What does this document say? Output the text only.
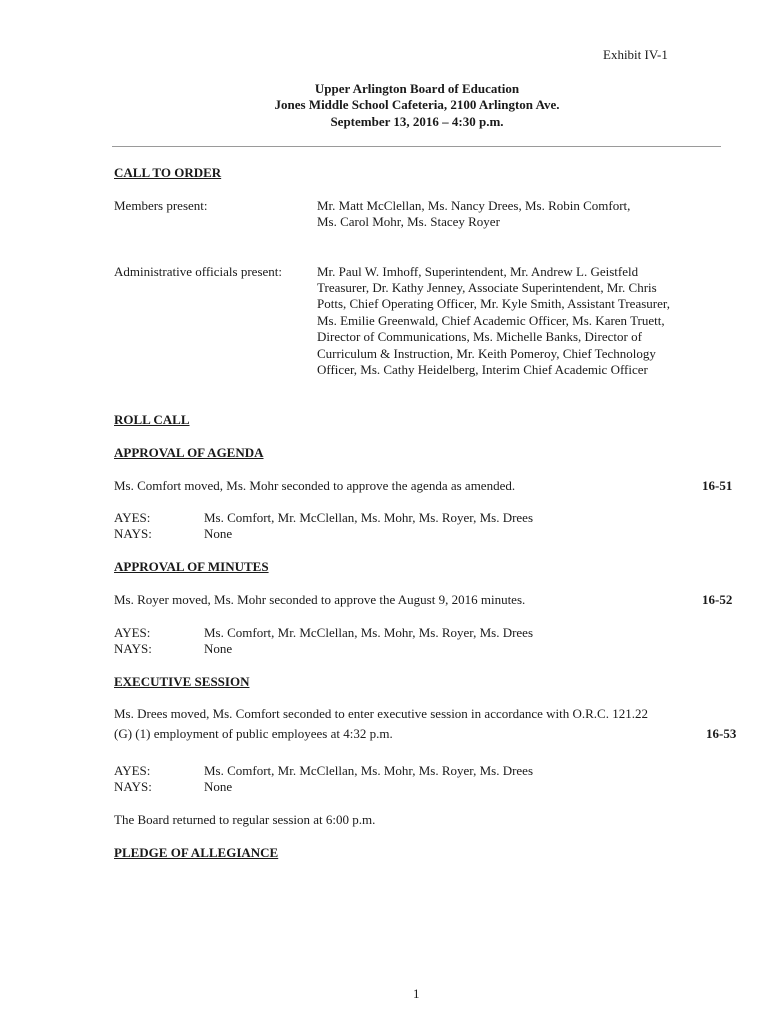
Exhibit IV-1
Upper Arlington Board of Education
Jones Middle School Cafeteria, 2100 Arlington Ave.
September 13, 2016 – 4:30 p.m.
CALL TO ORDER
Members present:	Mr. Matt McClellan, Ms. Nancy Drees, Ms. Robin Comfort,
Ms. Carol Mohr, Ms. Stacey Royer
Administrative officials present:	Mr. Paul W. Imhoff, Superintendent, Mr. Andrew L. Geistfeld
Treasurer, Dr. Kathy Jenney, Associate Superintendent, Mr. Chris
Potts, Chief Operating Officer, Mr. Kyle Smith, Assistant Treasurer,
Ms. Emilie Greenwald, Chief Academic Officer, Ms. Karen Truett,
Director of Communications, Ms. Michelle Banks, Director of
Curriculum & Instruction, Mr. Keith Pomeroy, Chief Technology
Officer, Ms. Cathy Heidelberg, Interim Chief Academic Officer
ROLL CALL
APPROVAL OF AGENDA
Ms. Comfort moved, Ms. Mohr seconded to approve the agenda as amended.	16-51
AYES:	Ms. Comfort, Mr. McClellan, Ms. Mohr, Ms. Royer, Ms. Drees
NAYS:	None
APPROVAL OF MINUTES
Ms. Royer moved, Ms. Mohr seconded to approve the August 9, 2016 minutes.	16-52
AYES:	Ms. Comfort, Mr. McClellan, Ms. Mohr, Ms. Royer, Ms. Drees
NAYS:	None
EXECUTIVE SESSION
Ms. Drees moved, Ms. Comfort seconded to enter executive session in accordance with O.R.C. 121.22
(G) (1) employment of public employees at 4:32 p.m.	16-53
AYES:	Ms. Comfort, Mr. McClellan, Ms. Mohr, Ms. Royer, Ms. Drees
NAYS:	None
The Board returned to regular session at 6:00 p.m.
PLEDGE OF ALLEGIANCE
1
